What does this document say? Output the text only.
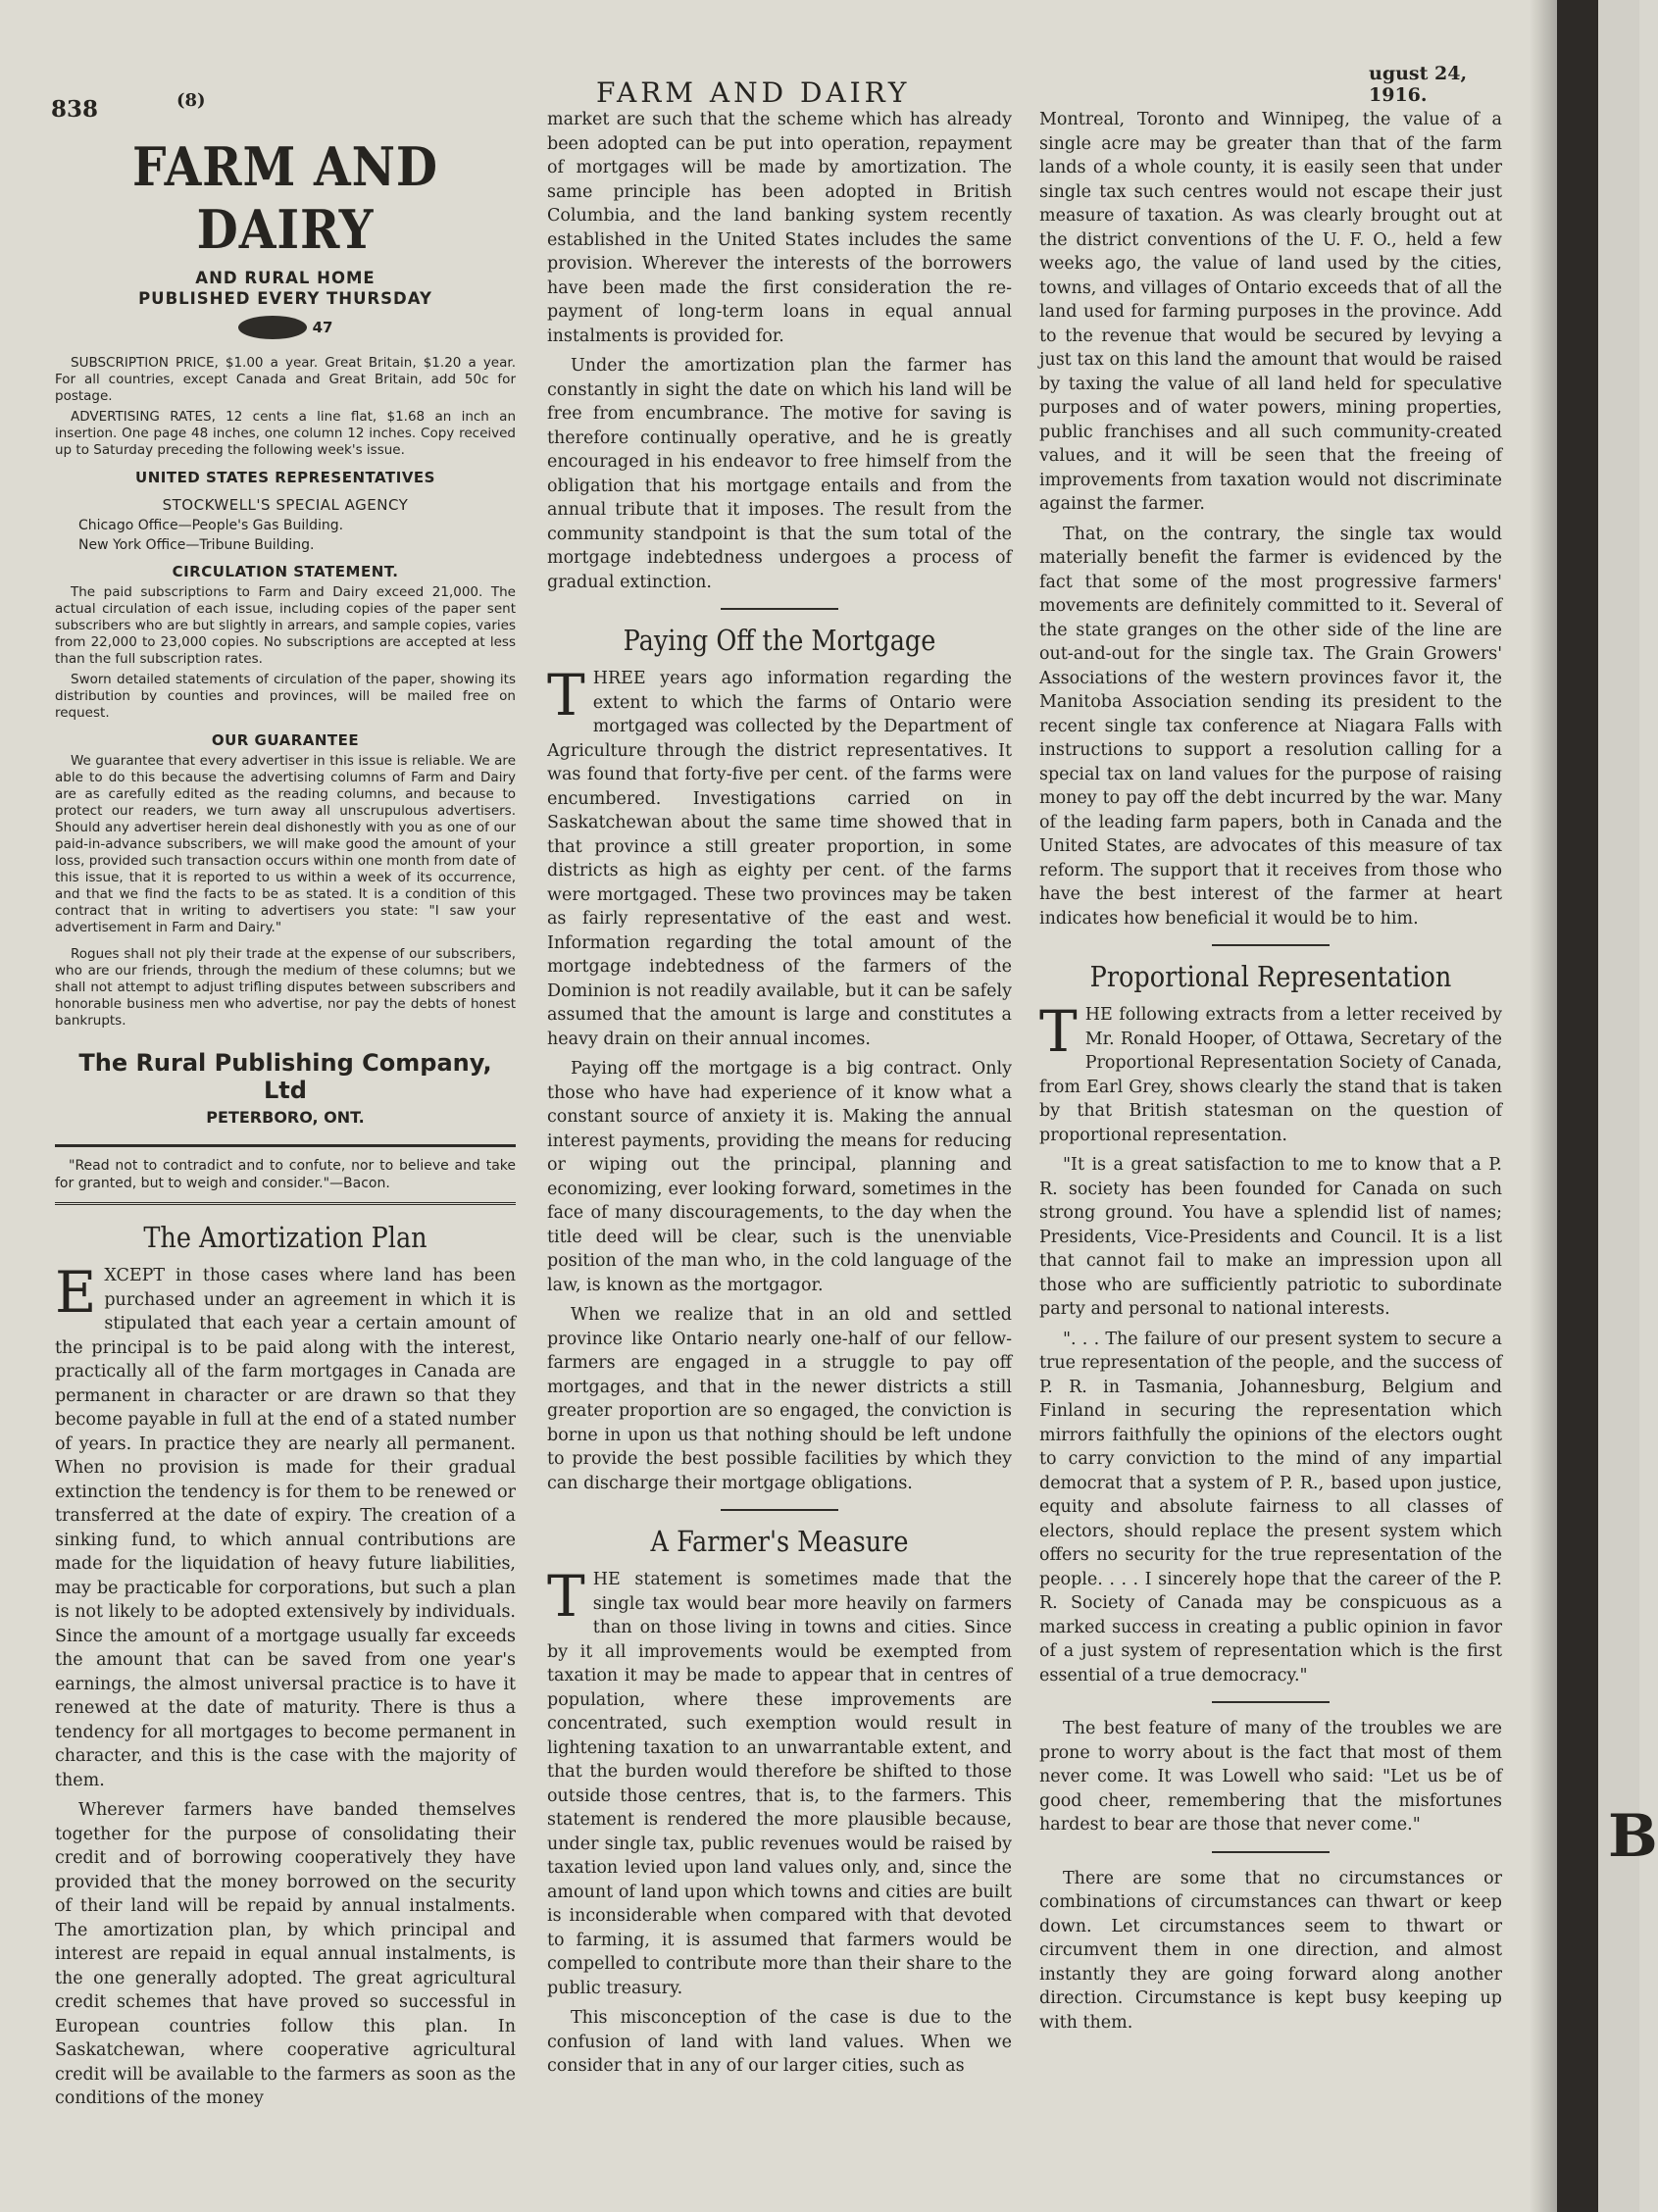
838	(8)	FARM AND DAIRY
ugust 24, 1916.
FARM AND DAIRY
AND RURAL HOME
PUBLISHED EVERY THURSDAY
47

SUBSCRIPTION PRICE, $1.00 a year. Great Britain, $1.20 a year. For all countries, except Canada and Great Britain, add 50c for postage.

ADVERTISING RATES, 12 cents a line flat, $1.68 an inch an insertion. One page 48 inches, one column 12 inches. Copy received up to Saturday preceding the following week's issue.

UNITED STATES REPRESENTATIVES
STOCKWELL'S SPECIAL AGENCY
Chicago Office—People's Gas Building.
New York Office—Tribune Building.
CIRCULATION STATEMENT.

The paid subscriptions to Farm and Dairy exceed 21,000. The actual circulation of each issue, including copies of the paper sent subscribers who are but slightly in arrears, and sample copies, varies from 22,000 to 23,000 copies. No subscriptions are accepted at less than the full subscription rates.

Sworn detailed statements of circulation of the paper, showing its distribution by counties and provinces, will be mailed free on request.

OUR GUARANTEE

We guarantee that every advertiser in this issue is reliable. We are able to do this because the advertising columns of Farm and Dairy are as carefully edited as the reading columns, and because to protect our readers, we turn away all unscrupulous advertisers. Should any advertiser herein deal dishonestly with you as one of our paid-in-advance subscribers, we will make good the amount of your loss, provided such transaction occurs within one month from date of this issue, that it is reported to us within a week of its occurrence, and that we find the facts to be as stated. It is a condition of this contract that in writing to advertisers you state: "I saw your advertisement in Farm and Dairy."

Rogues shall not ply their trade at the expense of our subscribers, who are our friends, through the medium of these columns; but we shall not attempt to adjust trifling disputes between subscribers and honorable business men who advertise, nor pay the debts of honest bankrupts.

The Rural Publishing Company, Ltd
PETERBORO, ONT.
"Read not to contradict and to confute, nor to believe and take for granted, but to weigh and consider."—Bacon.
The Amortization Plan

EXCEPT in those cases where land has been purchased under an agreement in which it is stipulated that each year a certain amount of the principal is to be paid along with the interest, practically all of the farm mortgages in Canada are permanent in character or are drawn so that they become payable in full at the end of a stated number of years. In practice they are nearly all permanent. When no provision is made for their gradual extinction the tendency is for them to be renewed or transferred at the date of expiry. The creation of a sinking fund, to which annual contributions are made for the liquidation of heavy future liabilities, may be practicable for corporations, but such a plan is not likely to be adopted extensively by individuals. Since the amount of a mortgage usually far exceeds the amount that can be saved from one year's earnings, the almost universal practice is to have it renewed at the date of maturity. There is thus a tendency for all mortgages to become permanent in character, and this is the case with the majority of them.

Wherever farmers have banded themselves together for the purpose of consolidating their credit and of borrowing cooperatively they have provided that the money borrowed on the security of their land will be repaid by annual instalments. The amortization plan, by which principal and interest are repaid in equal annual instalments, is the one generally adopted. The great agricultural credit schemes that have proved so successful in European countries follow this plan. In Saskatchewan, where cooperative agricultural credit will be available to the farmers as soon as the conditions of the money

market are such that the scheme which has already been adopted can be put into operation, repayment of mortgages will be made by amortization. The same principle has been adopted in British Columbia, and the land banking system recently established in the United States includes the same provision. Wherever the interests of the borrowers have been made the first consideration the re-payment of long-term loans in equal annual instalments is provided for.

Under the amortization plan the farmer has constantly in sight the date on which his land will be free from encumbrance. The motive for saving is therefore continually operative, and he is greatly encouraged in his endeavor to free himself from the obligation that his mortgage entails and from the annual tribute that it imposes. The result from the community standpoint is that the sum total of the mortgage indebtedness undergoes a process of gradual extinction.

Paying Off the Mortgage

THREE years ago information regarding the extent to which the farms of Ontario were mortgaged was collected by the Department of Agriculture through the district representatives. It was found that forty-five per cent. of the farms were encumbered. Investigations carried on in Saskatchewan about the same time showed that in that province a still greater proportion, in some districts as high as eighty per cent. of the farms were mortgaged. These two provinces may be taken as fairly representative of the east and west. Information regarding the total amount of the mortgage indebtedness of the farmers of the Dominion is not readily available, but it can be safely assumed that the amount is large and constitutes a heavy drain on their annual incomes.

Paying off the mortgage is a big contract. Only those who have had experience of it know what a constant source of anxiety it is. Making the annual interest payments, providing the means for reducing or wiping out the principal, planning and economizing, ever looking forward, sometimes in the face of many discouragements, to the day when the title deed will be clear, such is the unenviable position of the man who, in the cold language of the law, is known as the mortgagor.

When we realize that in an old and settled province like Ontario nearly one-half of our fellow-farmers are engaged in a struggle to pay off mortgages, and that in the newer districts a still greater proportion are so engaged, the conviction is borne in upon us that nothing should be left undone to provide the best possible facilities by which they can discharge their mortgage obligations.

A Farmer's Measure

THE statement is sometimes made that the single tax would bear more heavily on farmers than on those living in towns and cities. Since by it all improvements would be exempted from taxation it may be made to appear that in centres of population, where these improvements are concentrated, such exemption would result in lightening taxation to an unwarrantable extent, and that the burden would therefore be shifted to those outside those centres, that is, to the farmers. This statement is rendered the more plausible because, under single tax, public revenues would be raised by taxation levied upon land values only, and, since the amount of land upon which towns and cities are built is inconsiderable when compared with that devoted to farming, it is assumed that farmers would be compelled to contribute more than their share to the public treasury.

This misconception of the case is due to the confusion of land with land values. When we consider that in any of our larger cities, such as

Montreal, Toronto and Winnipeg, the value of a single acre may be greater than that of the farm lands of a whole county, it is easily seen that under single tax such centres would not escape their just measure of taxation. As was clearly brought out at the district conventions of the U. F. O., held a few weeks ago, the value of land used by the cities, towns, and villages of Ontario exceeds that of all the land used for farming purposes in the province. Add to the revenue that would be secured by levying a just tax on this land the amount that would be raised by taxing the value of all land held for speculative purposes and of water powers, mining properties, public franchises and all such community-created values, and it will be seen that the freeing of improvements from taxation would not discriminate against the farmer.

That, on the contrary, the single tax would materially benefit the farmer is evidenced by the fact that some of the most progressive farmers' movements are definitely committed to it. Several of the state granges on the other side of the line are out-and-out for the single tax. The Grain Growers' Associations of the western provinces favor it, the Manitoba Association sending its president to the recent single tax conference at Niagara Falls with instructions to support a resolution calling for a special tax on land values for the purpose of raising money to pay off the debt incurred by the war. Many of the leading farm papers, both in Canada and the United States, are advocates of this measure of tax reform. The support that it receives from those who have the best interest of the farmer at heart indicates how beneficial it would be to him.

Proportional Representation

THE following extracts from a letter received by Mr. Ronald Hooper, of Ottawa, Secretary of the Proportional Representation Society of Canada, from Earl Grey, shows clearly the stand that is taken by that British statesman on the question of proportional representation.

"It is a great satisfaction to me to know that a P. R. society has been founded for Canada on such strong ground. You have a splendid list of names; Presidents, Vice-Presidents and Council. It is a list that cannot fail to make an impression upon all those who are sufficiently patriotic to subordinate party and personal to national interests.

". . . The failure of our present system to secure a true representation of the people, and the success of P. R. in Tasmania, Johannesburg, Belgium and Finland in securing the representation which mirrors faithfully the opinions of the electors ought to carry conviction to the mind of any impartial democrat that a system of P. R., based upon justice, equity and absolute fairness to all classes of electors, should replace the present system which offers no security for the true representation of the people. . . . I sincerely hope that the career of the P. R. Society of Canada may be conspicuous as a marked success in creating a public opinion in favor of a just system of representation which is the first essential of a true democracy."

The best feature of many of the troubles we are prone to worry about is the fact that most of them never come. It was Lowell who said: "Let us be of good cheer, remembering that the misfortunes hardest to bear are those that never come."

There are some that no circumstances or combinations of circumstances can thwart or keep down. Let circumstances seem to thwart or circumvent them in one direction, and almost instantly they are going forward along another direction. Circumstance is kept busy keeping up with them.

B
